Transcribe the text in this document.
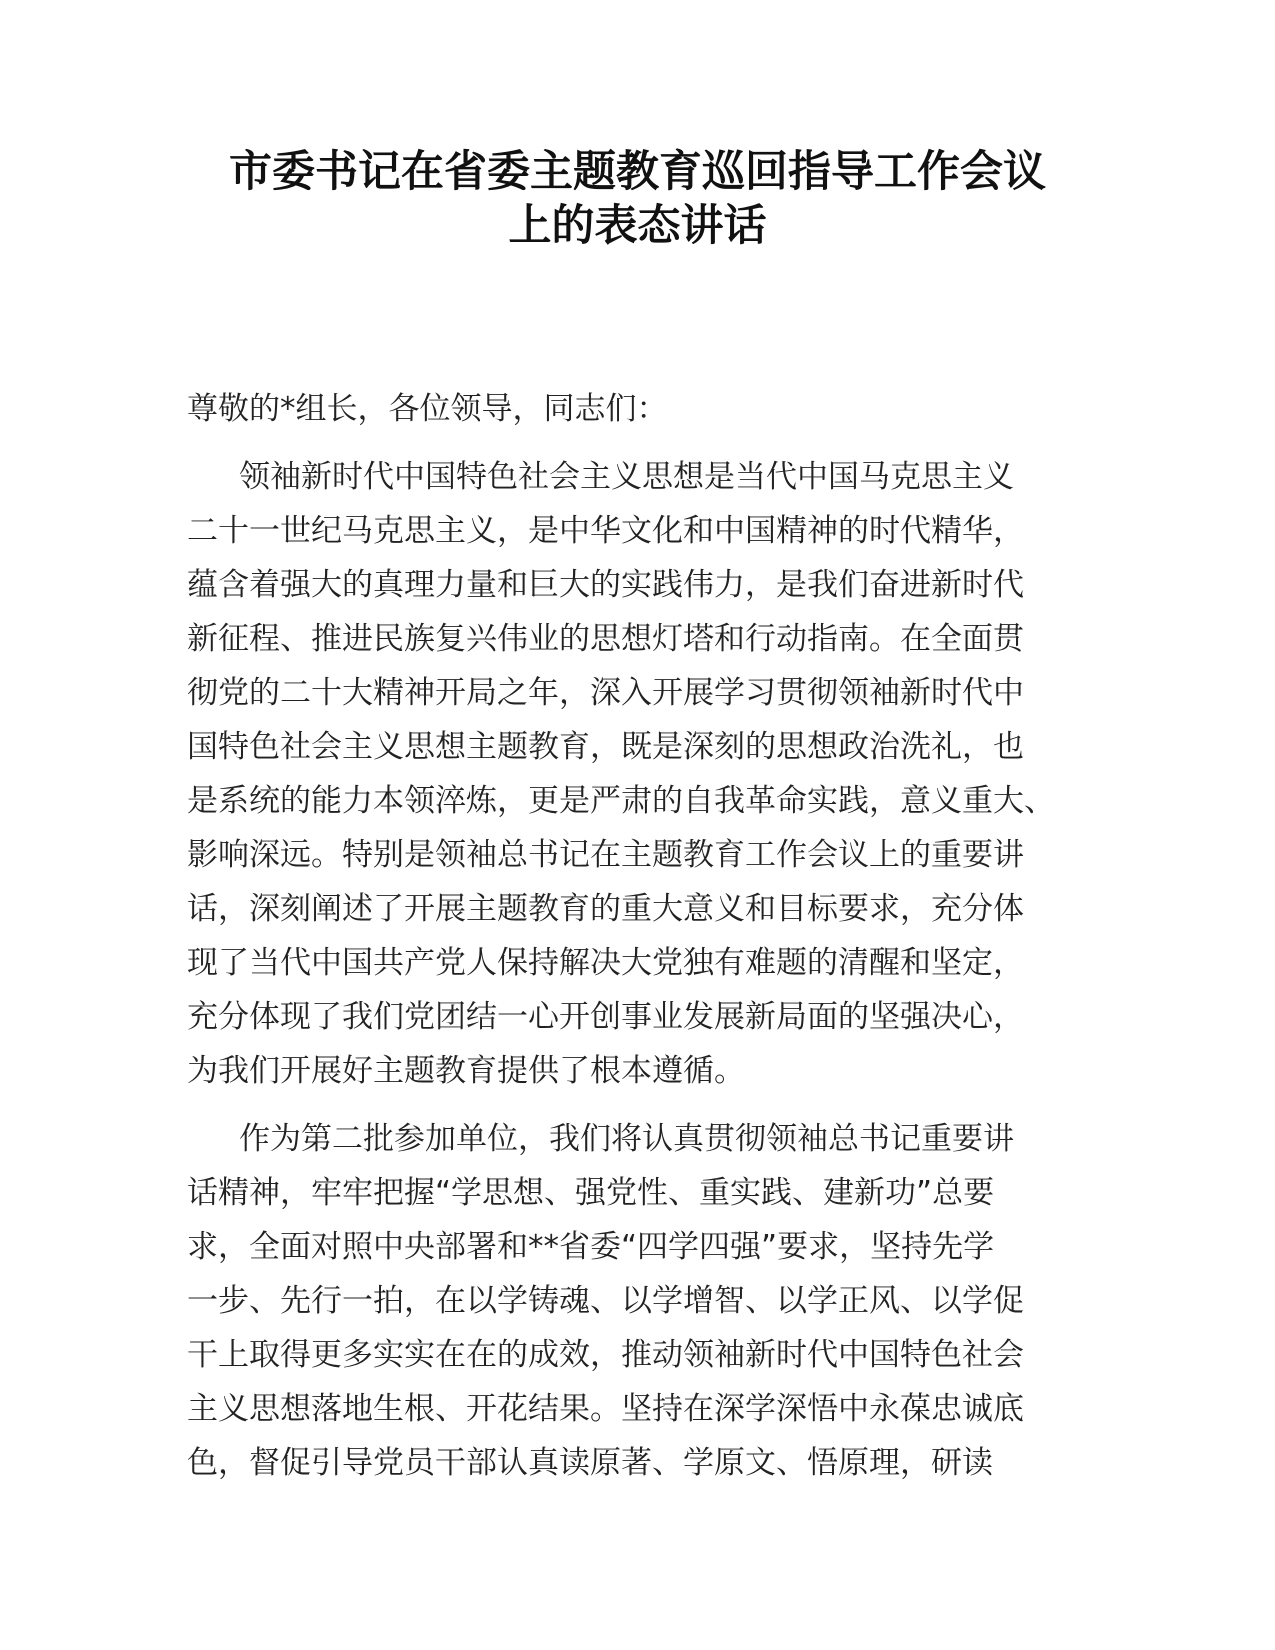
市委书记在省委主题教育巡回指导工作会议
上的表态讲话

尊敬的*组长，各位领导，同志们：

领袖新时代中国特色社会主义思想是当代中国马克思主义
二十一世纪马克思主义，是中华文化和中国精神的时代精华，
蕴含着强大的真理力量和巨大的实践伟力，是我们奋进新时代
新征程、推进民族复兴伟业的思想灯塔和行动指南。在全面贯
彻党的二十大精神开局之年，深入开展学习贯彻领袖新时代中
国特色社会主义思想主题教育，既是深刻的思想政治洗礼，也
是系统的能力本领淬炼，更是严肃的自我革命实践，意义重大、
影响深远。特别是领袖总书记在主题教育工作会议上的重要讲
话，深刻阐述了开展主题教育的重大意义和目标要求，充分体
现了当代中国共产党人保持解决大党独有难题的清醒和坚定，
充分体现了我们党团结一心开创事业发展新局面的坚强决心，
为我们开展好主题教育提供了根本遵循。

作为第二批参加单位，我们将认真贯彻领袖总书记重要讲
话精神，牢牢把握“学思想、强党性、重实践、建新功”总要
求，全面对照中央部署和**省委“四学四强”要求，坚持先学
一步、先行一拍，在以学铸魂、以学增智、以学正风、以学促
干上取得更多实实在在的成效，推动领袖新时代中国特色社会
主义思想落地生根、开花结果。坚持在深学深悟中永葆忠诚底
色，督促引导党员干部认真读原著、学原文、悟原理，研读
